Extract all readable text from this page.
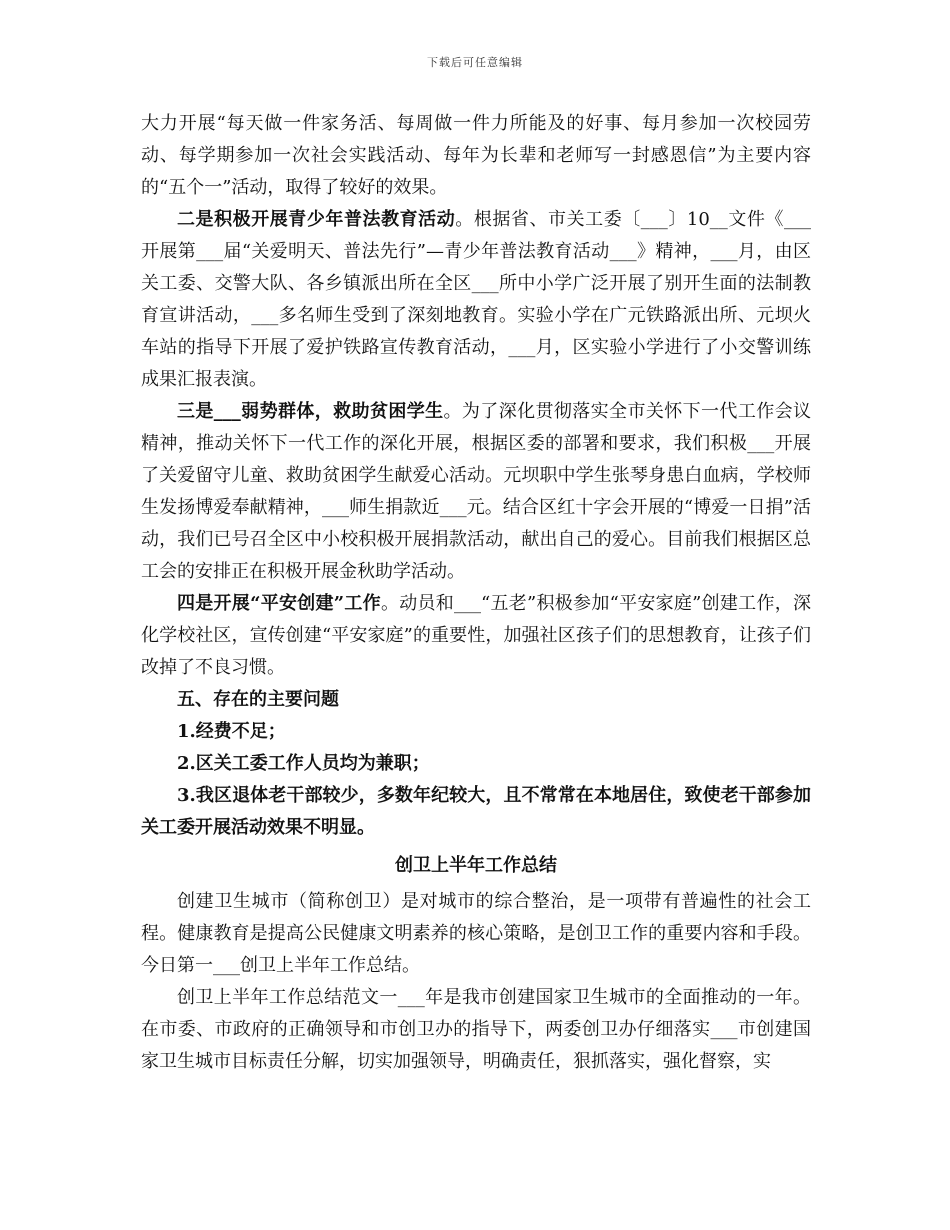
下载后可任意编辑

大力开展“每天做一件家务活、每周做一件力所能及的好事、每月参加一次校园劳动、每学期参加一次社会实践活动、每年为长辈和老师写一封感恩信”为主要内容的“五个一”活动，取得了较好的效果。

二是积极开展青少年普法教育活动。根据省、市关工委〔___〕10__文件《___开展第___届“关爱明天、普法先行”—青少年普法教育活动___》精神，___月，由区关工委、交警大队、各乡镇派出所在全区___所中小学广泛开展了别开生面的法制教育宣讲活动，___多名师生受到了深刻地教育。实验小学在广元铁路派出所、元坝火车站的指导下开展了爱护铁路宣传教育活动，___月，区实验小学进行了小交警训练成果汇报表演。

三是___弱势群体，救助贫困学生。为了深化贯彻落实全市关怀下一代工作会议精神，推动关怀下一代工作的深化开展，根据区委的部署和要求，我们积极___开展了关爱留守儿童、救助贫困学生献爱心活动。元坝职中学生张琴身患白血病，学校师生发扬博爱奉献精神，___师生捐款近___元。结合区红十字会开展的“博爱一日捐”活动，我们已号召全区中小校积极开展捐款活动，献出自己的爱心。目前我们根据区总工会的安排正在积极开展金秋助学活动。

四是开展“平安创建”工作。动员和___“五老”积极参加“平安家庭”创建工作，深化学校社区，宣传创建“平安家庭”的重要性，加强社区孩子们的思想教育，让孩子们改掉了不良习惯。

五、存在的主要问题

1.经费不足；

2.区关工委工作人员均为兼职；

3.我区退体老干部较少，多数年纪较大，且不常常在本地居住，致使老干部参加关工委开展活动效果不明显。

创卫上半年工作总结

创建卫生城市（简称创卫）是对城市的综合整治，是一项带有普遍性的社会工程。健康教育是提高公民健康文明素养的核心策略，是创卫工作的重要内容和手段。今日第一___创卫上半年工作总结。

创卫上半年工作总结范文一___年是我市创建国家卫生城市的全面推动的一年。在市委、市政府的正确领导和市创卫办的指导下，两委创卫办仔细落实___市创建国家卫生城市目标责任分解，切实加强领导，明确责任，狠抓落实，强化督察，实
